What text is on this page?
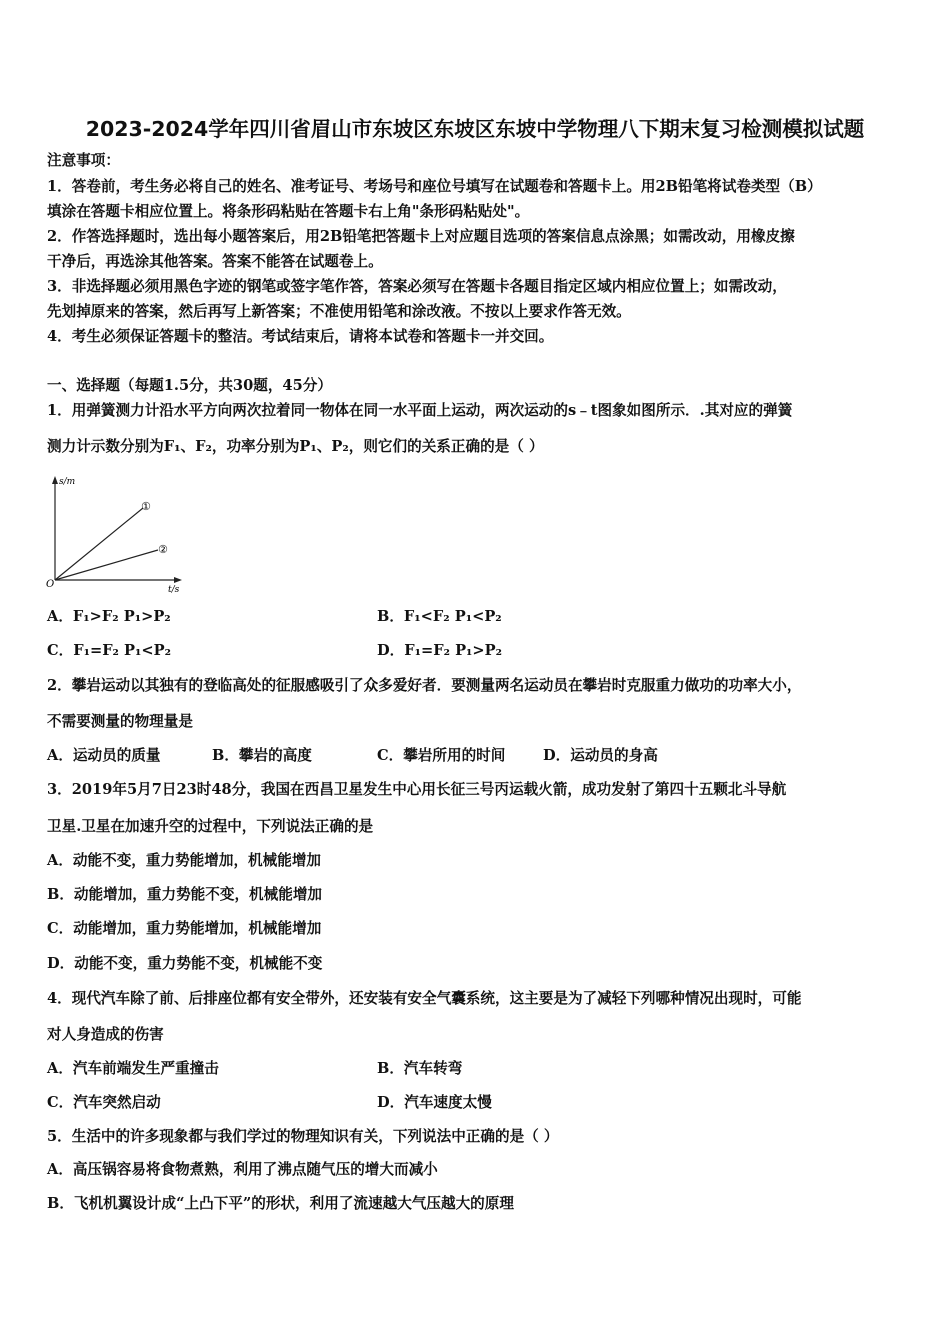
2023-2024学年四川省眉山市东坡区东坡区东坡中学物理八下期末复习检测模拟试题
注意事项：
1．答卷前，考生务必将自己的姓名、准考证号、考场号和座位号填写在试题卷和答题卡上。用2B铅笔将试卷类型（B）
填涂在答题卡相应位置上。将条形码粘贴在答题卡右上角"条形码粘贴处"。
2．作答选择题时，选出每小题答案后，用2B铅笔把答题卡上对应题目选项的答案信息点涂黑；如需改动，用橡皮擦
干净后，再选涂其他答案。答案不能答在试题卷上。
3．非选择题必须用黑色字迹的钢笔或签字笔作答，答案必须写在答题卡各题目指定区域内相应位置上；如需改动，
先划掉原来的答案，然后再写上新答案；不准使用铅笔和涂改液。不按以上要求作答无效。
4．考生必须保证答题卡的整洁。考试结束后，请将本试卷和答题卡一并交回。
一、选择题（每题1.5分，共30题，45分）
1．用弹簧测力计沿水平方向两次拉着同一物体在同一水平面上运动，两次运动的s﹣t图象如图所示．.其对应的弹簧
测力计示数分别为F₁、F₂，功率分别为P₁、P₂，则它们的关系正确的是（ ）
s/m
t/s
O
①
②
A．F₁>F₂ P₁>P₂	B．F₁<F₂ P₁<P₂
C．F₁=F₂ P₁<P₂	D．F₁=F₂ P₁>P₂
2．攀岩运动以其独有的登临高处的征服感吸引了众多爱好者．要测量两名运动员在攀岩时克服重力做功的功率大小，
不需要测量的物理量是
A．运动员的质量	B．攀岩的高度	C．攀岩所用的时间	D．运动员的身高
3．2019年5月7日23时48分，我国在西昌卫星发生中心用长征三号丙运载火箭，成功发射了第四十五颗北斗导航
卫星.卫星在加速升空的过程中，下列说法正确的是
A．动能不变，重力势能增加，机械能增加
B．动能增加，重力势能不变，机械能增加
C．动能增加，重力势能增加，机械能增加
D．动能不变，重力势能不变，机械能不变
4．现代汽车除了前、后排座位都有安全带外，还安装有安全气囊系统，这主要是为了减轻下列哪种情况出现时，可能
对人身造成的伤害
A．汽车前端发生严重撞击	B．汽车转弯
C．汽车突然启动	D．汽车速度太慢
5．生活中的许多现象都与我们学过的物理知识有关，下列说法中正确的是（ ）
A．高压锅容易将食物煮熟，利用了沸点随气压的增大而减小
B．飞机机翼设计成“上凸下平”的形状，利用了流速越大气压越大的原理
